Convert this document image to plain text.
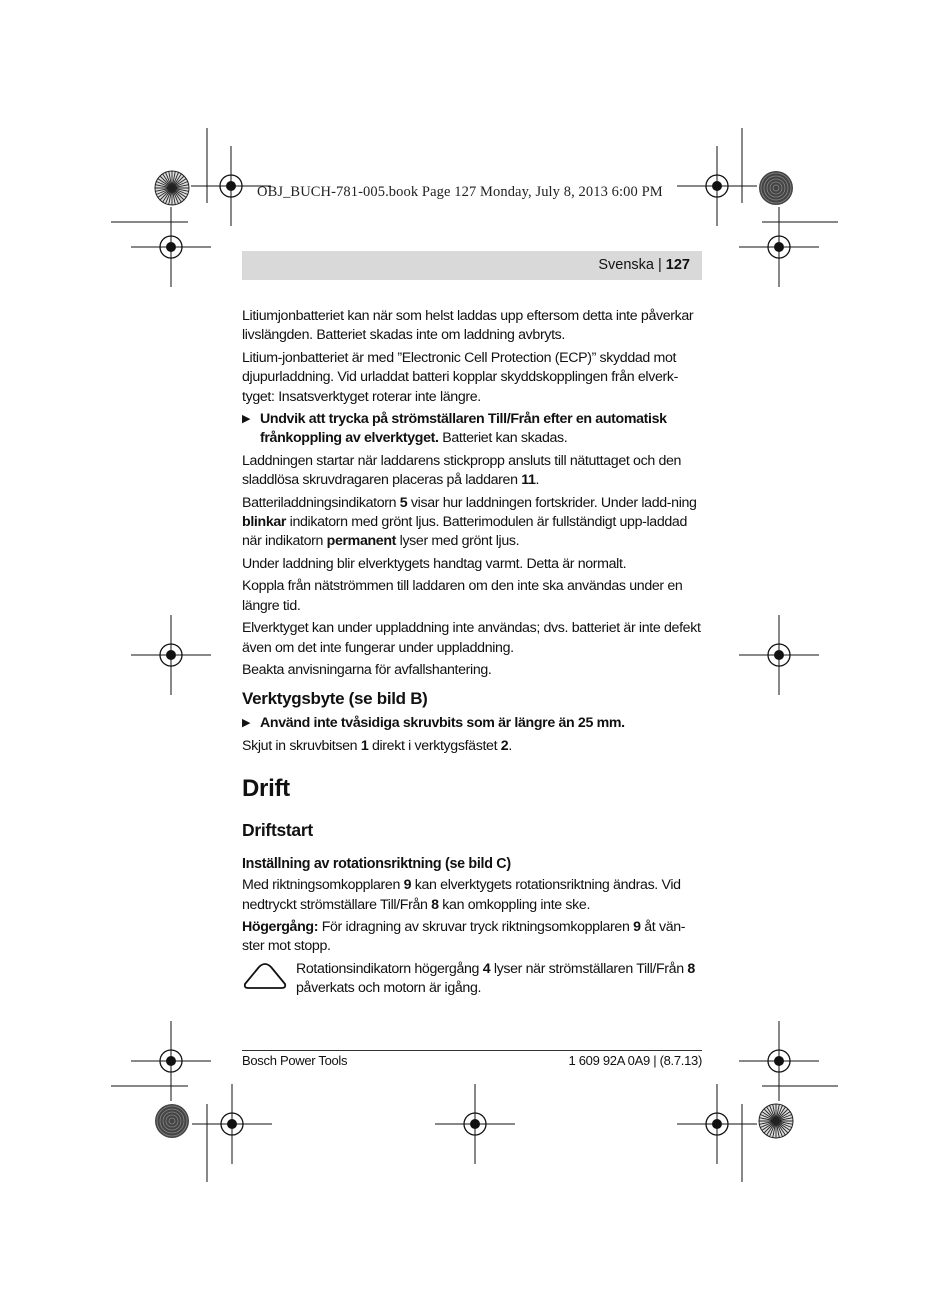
OBJ_BUCH-781-005.book Page 127 Monday, July 8, 2013 6:00 PM
Svenska | 127

Litiumjonbatteriet kan när som helst laddas upp eftersom detta inte påverkar livslängden. Batteriet skadas inte om laddning avbryts.

Litium-jonbatteriet är med ”Electronic Cell Protection (ECP)” skyddad mot djupurladdning. Vid urladdat batteri kopplar skyddskopplingen från elverk-tyget: Insatsverktyget roterar inte längre.

▶ Undvik att trycka på strömställaren Till/Från efter en automatisk frånkoppling av elverktyget. Batteriet kan skadas.

Laddningen startar när laddarens stickpropp ansluts till nätuttaget och den sladdlösa skruvdragaren placeras på laddaren 11.

Batteriladdningsindikatorn 5 visar hur laddningen fortskrider. Under ladd-ning blinkar indikatorn med grönt ljus. Batterimodulen är fullständigt upp-laddad när indikatorn permanent lyser med grönt ljus.

Under laddning blir elverktygets handtag varmt. Detta är normalt.

Koppla från nätströmmen till laddaren om den inte ska användas under en längre tid.

Elverktyget kan under uppladdning inte användas; dvs. batteriet är inte defekt även om det inte fungerar under uppladdning.

Beakta anvisningarna för avfallshantering.

Verktygsbyte (se bild B)

▶ Använd inte tvåsidiga skruvbits som är längre än 25 mm.

Skjut in skruvbitsen 1 direkt i verktygsfästet 2.

Drift
Driftstart
Inställning av rotationsriktning (se bild C)

Med riktningsomkopplaren 9 kan elverktygets rotationsriktning ändras. Vid nedtryckt strömställare Till/Från 8 kan omkoppling inte ske.

Högergång: För idragning av skruvar tryck riktningsomkopplaren 9 åt vän-ster mot stopp.

Rotationsindikatorn högergång 4 lyser när strömställaren Till/Från 8 påverkats och motorn är igång.

Bosch Power Tools	1 609 92A 0A9 | (8.7.13)
